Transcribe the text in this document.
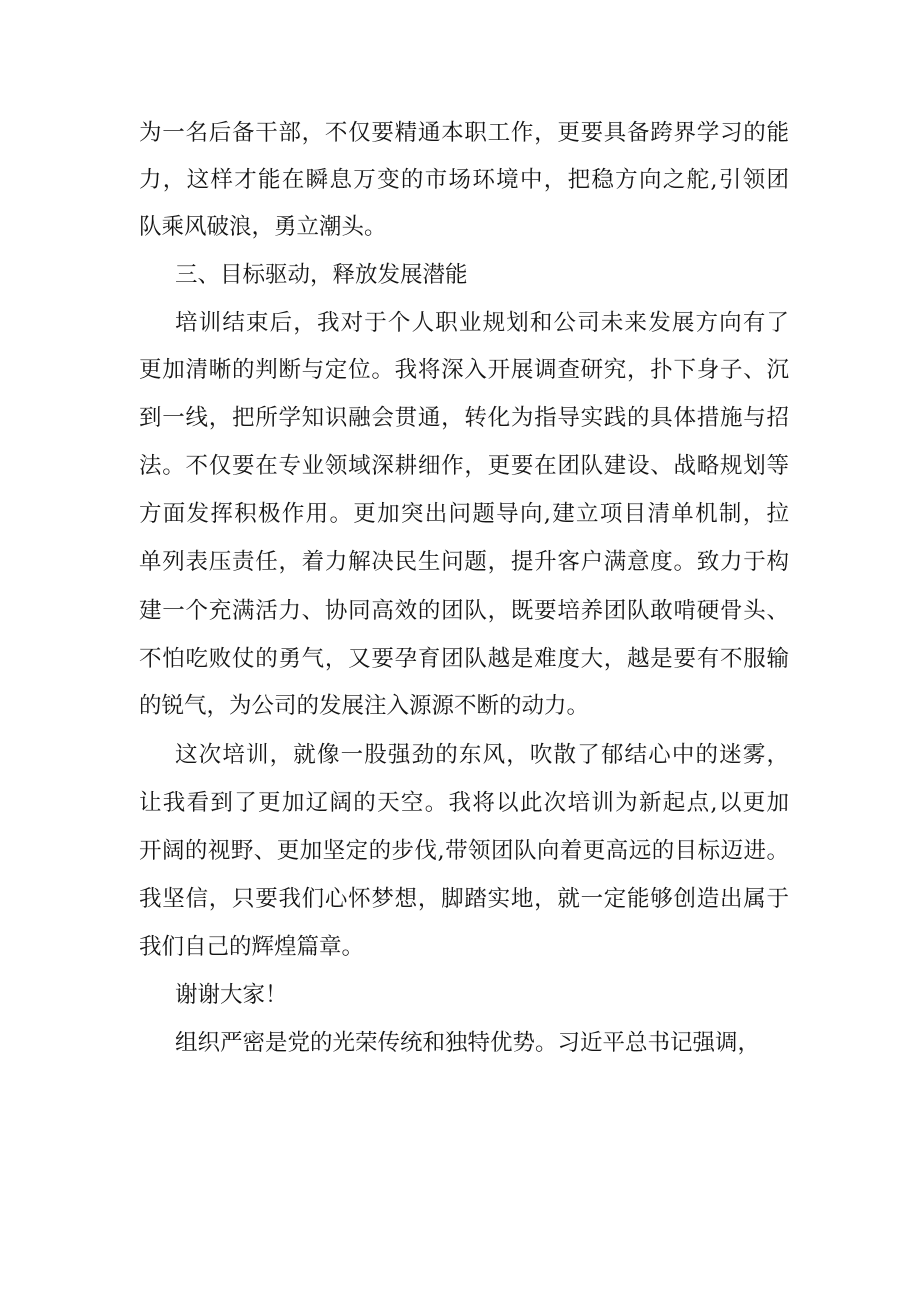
为一名后备干部，不仅要精通本职工作，更要具备跨界学习的能
力，这样才能在瞬息万变的市场环境中，把稳方向之舵,引领团
队乘风破浪，勇立潮头。
三、目标驱动，释放发展潜能
培训结束后，我对于个人职业规划和公司未来发展方向有了
更加清晰的判断与定位。我将深入开展调查研究，扑下身子、沉
到一线，把所学知识融会贯通，转化为指导实践的具体措施与招
法。不仅要在专业领域深耕细作，更要在团队建设、战略规划等
方面发挥积极作用。更加突出问题导向,建立项目清单机制，拉
单列表压责任，着力解决民生问题，提升客户满意度。致力于构
建一个充满活力、协同高效的团队，既要培养团队敢啃硬骨头、
不怕吃败仗的勇气，又要孕育团队越是难度大，越是要有不服输
的锐气，为公司的发展注入源源不断的动力。
这次培训，就像一股强劲的东风，吹散了郁结心中的迷雾，
让我看到了更加辽阔的天空。我将以此次培训为新起点,以更加
开阔的视野、更加坚定的步伐,带领团队向着更高远的目标迈进。
我坚信，只要我们心怀梦想，脚踏实地，就一定能够创造出属于
我们自己的辉煌篇章。
谢谢大家！
组织严密是党的光荣传统和独特优势。习近平总书记强调，
